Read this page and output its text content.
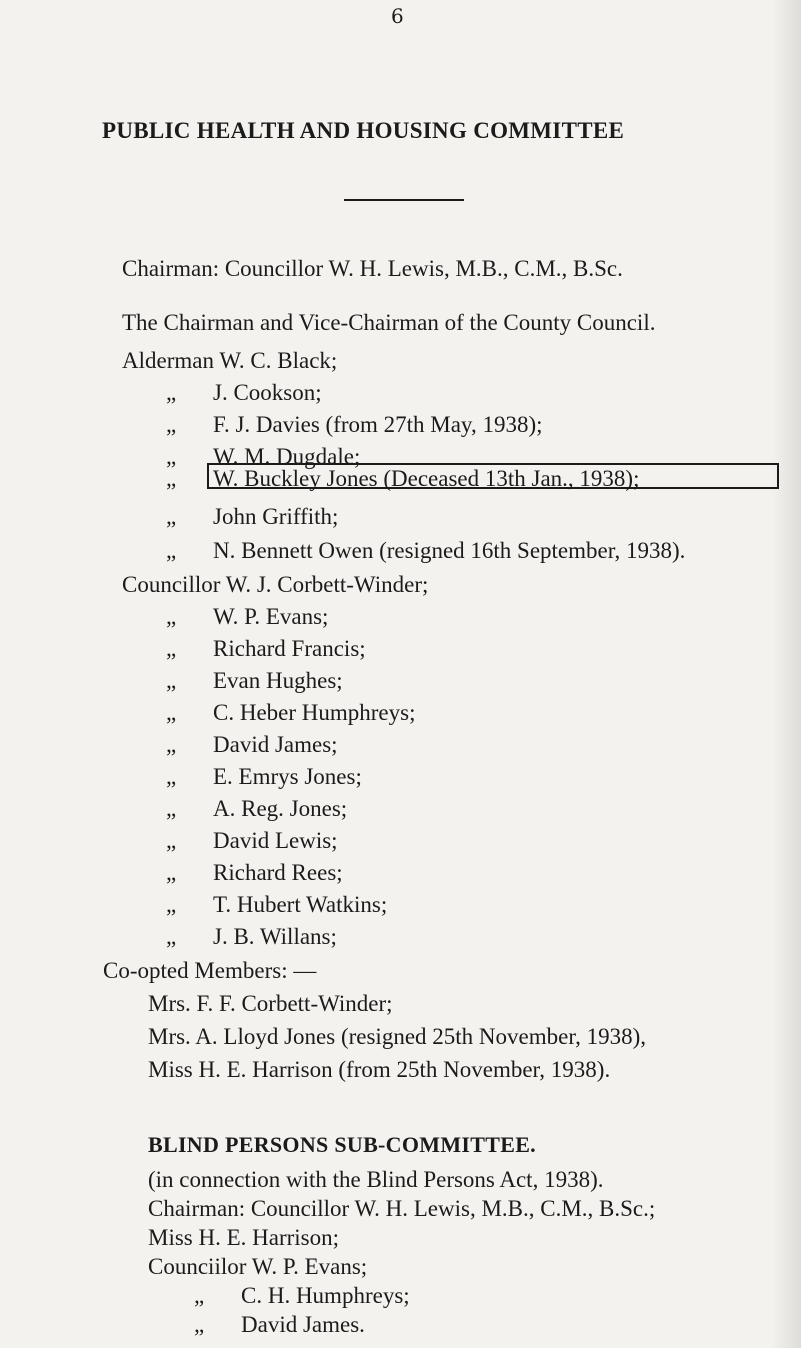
6
PUBLIC HEALTH AND HOUSING COMMITTEE
Chairman: Councillor W. H. Lewis, M.B., C.M., B.Sc.
The Chairman and Vice-Chairman of the County Council.
Alderman W. C. Black;
„ J. Cookson;
„ F. J. Davies (from 27th May, 1938);
„ W. M. Dugdale;
„ W. Buckley Jones (Deceased 13th Jan., 1938);
„ John Griffith;
„ N. Bennett Owen (resigned 16th September, 1938).
Councillor W. J. Corbett-Winder;
„ W. P. Evans;
„ Richard Francis;
„ Evan Hughes;
„ C. Heber Humphreys;
„ David James;
„ E. Emrys Jones;
„ A. Reg. Jones;
„ David Lewis;
„ Richard Rees;
„ T. Hubert Watkins;
„ J. B. Willans;
Co-opted Members: —
Mrs. F. F. Corbett-Winder;
Mrs. A. Lloyd Jones (resigned 25th November, 1938),
Miss H. E. Harrison (from 25th November, 1938).
BLIND PERSONS SUB-COMMITTEE.
(in connection with the Blind Persons Act, 1938).
Chairman: Councillor W. H. Lewis, M.B., C.M., B.Sc.;
Miss H. E. Harrison;
Counciilor W. P. Evans;
„ C. H. Humphreys;
„ David James.
